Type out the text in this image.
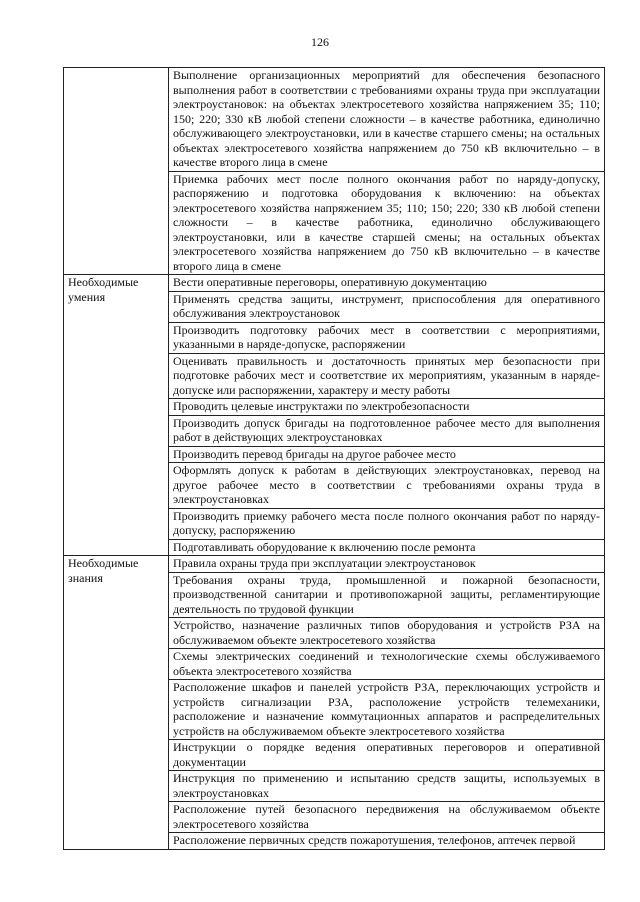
126
	Выполнение организационных мероприятий для обеспечения безопасного выполнения работ в соответствии с требованиями охраны труда при эксплуатации электроустановок: на объектах электросетевого хозяйства напряжением 35; 110; 150; 220; 330 кВ любой степени сложности – в качестве работника, единолично обслуживающего электроустановки, или в качестве старшего смены; на остальных объектах электросетевого хозяйства напряжением до 750 кВ включительно – в качестве второго лица в смене
	Приемка рабочих мест после полного окончания работ по наряду-допуску, распоряжению и подготовка оборудования к включению: на объектах электросетевого хозяйства напряжением 35; 110; 150; 220; 330 кВ любой степени сложности – в качестве работника, единолично обслуживающего электроустановки, или в качестве старшей смены; на остальных объектах электросетевого хозяйства напряжением до 750 кВ включительно – в качестве второго лица в смене
Необходимые умения	Вести оперативные переговоры, оперативную документацию
	Применять средства защиты, инструмент, приспособления для оперативного обслуживания электроустановок
	Производить подготовку рабочих мест в соответствии с мероприятиями, указанными в наряде-допуске, распоряжении
	Оценивать правильность и достаточность принятых мер безопасности при подготовке рабочих мест и соответствие их мероприятиям, указанным в наряде-допуске или распоряжении, характеру и месту работы
	Проводить целевые инструктажи по электробезопасности
	Производить допуск бригады на подготовленное рабочее место для выполнения работ в действующих электроустановках
	Производить перевод бригады на другое рабочее место
	Оформлять допуск к работам в действующих электроустановках, перевод на другое рабочее место в соответствии с требованиями охраны труда в электроустановках
	Производить приемку рабочего места после полного окончания работ по наряду-допуску, распоряжению
	Подготавливать оборудование к включению после ремонта
Необходимые знания	Правила охраны труда при эксплуатации электроустановок
	Требования охраны труда, промышленной и пожарной безопасности, производственной санитарии и противопожарной защиты, регламентирующие деятельность по трудовой функции
	Устройство, назначение различных типов оборудования и устройств РЗА на обслуживаемом объекте электросетевого хозяйства
	Схемы электрических соединений и технологические схемы обслуживаемого объекта электросетевого хозяйства
	Расположение шкафов и панелей устройств РЗА, переключающих устройств и устройств сигнализации РЗА, расположение устройств телемеханики, расположение и назначение коммутационных аппаратов и распределительных устройств на обслуживаемом объекте электросетевого хозяйства
	Инструкции о порядке ведения оперативных переговоров и оперативной документации
	Инструкция по применению и испытанию средств защиты, используемых в электроустановках
	Расположение путей безопасного передвижения на обслуживаемом объекте электросетевого хозяйства
	Расположение первичных средств пожаротушения, телефонов, аптечек первой
